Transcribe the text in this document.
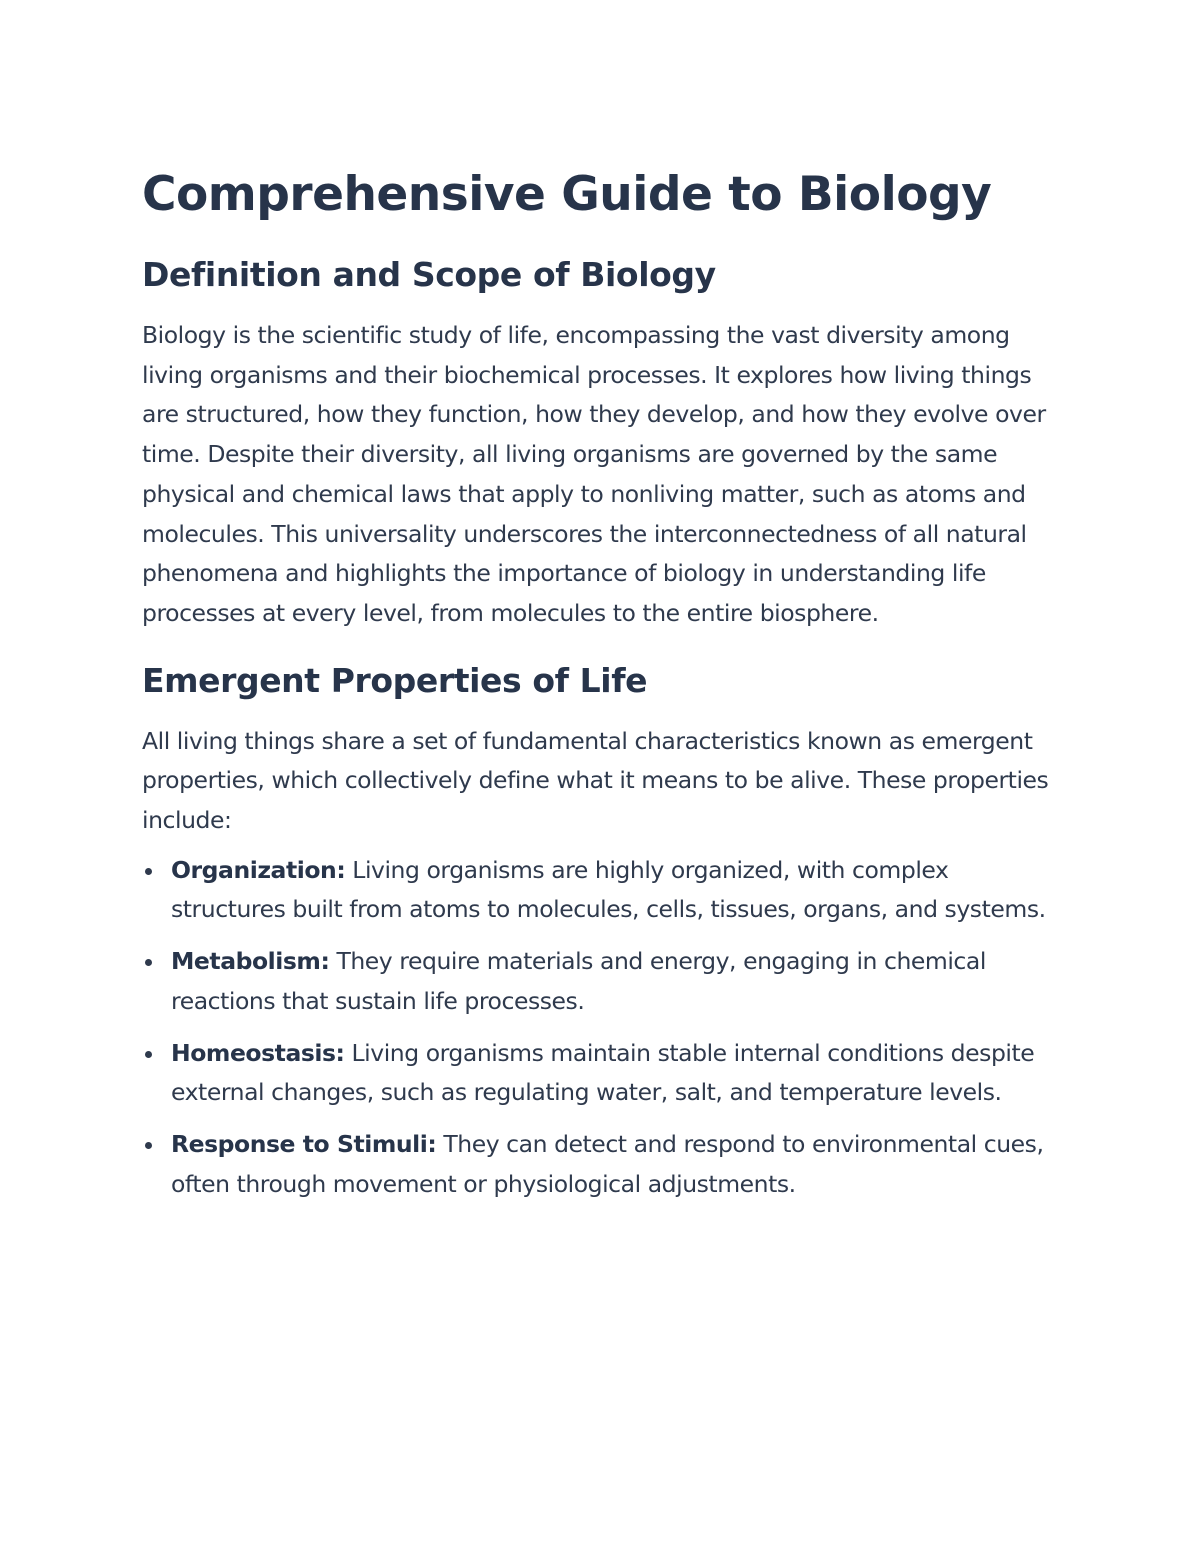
Comprehensive Guide to Biology
Definition and Scope of Biology

Biology is the scientific study of life, encompassing the vast diversity among living organisms and their biochemical processes. It explores how living things are structured, how they function, how they develop, and how they evolve over time. Despite their diversity, all living organisms are governed by the same physical and chemical laws that apply to nonliving matter, such as atoms and molecules. This universality underscores the interconnectedness of all natural phenomena and highlights the importance of biology in understanding life processes at every level, from molecules to the entire biosphere.

Emergent Properties of Life

All living things share a set of fundamental characteristics known as emergent properties, which collectively define what it means to be alive. These properties include:

Organization: Living organisms are highly organized, with complex structures built from atoms to molecules, cells, tissues, organs, and systems.
Metabolism: They require materials and energy, engaging in chemical reactions that sustain life processes.
Homeostasis: Living organisms maintain stable internal conditions despite external changes, such as regulating water, salt, and temperature levels.
Response to Stimuli: They can detect and respond to environmental cues, often through movement or physiological adjustments.
